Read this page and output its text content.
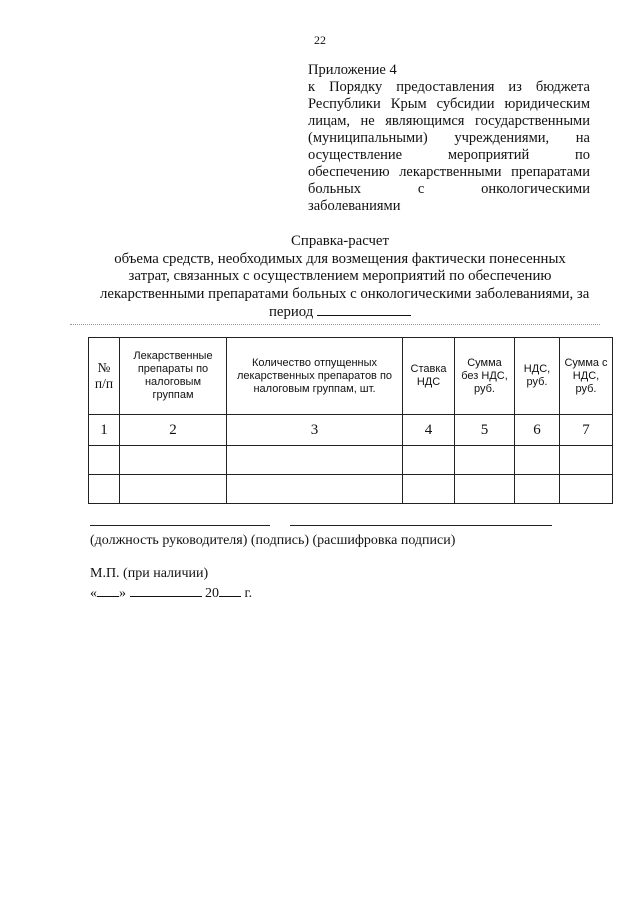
22
Приложение 4
к Порядку предоставления из бюджета
Республики Крым субсидии юридическим
лицам, не являющимся государственными
(муниципальными) учреждениями, на
осуществление мероприятий по
обеспечению лекарственными препаратами
больных с онкологическими
заболеваниями
Справка-расчет
объема средств, необходимых для возмещения фактически понесенных
затрат, связанных с осуществлением мероприятий по обеспечению
лекарственными препаратами больных с онкологическими заболеваниями, за
период
№ п/п	Лекарственные препараты по налоговым группам	Количество отпущенных лекарственных препаратов по налоговым группам, шт.	Ставка НДС	Сумма без НДС, руб.	НДС, руб.	Сумма с НДС, руб.
1	2	3	4	5	6	7

(должность руководителя) (подпись) (расшифровка подписи)
М.П. (при наличии)
« »	20 г.
